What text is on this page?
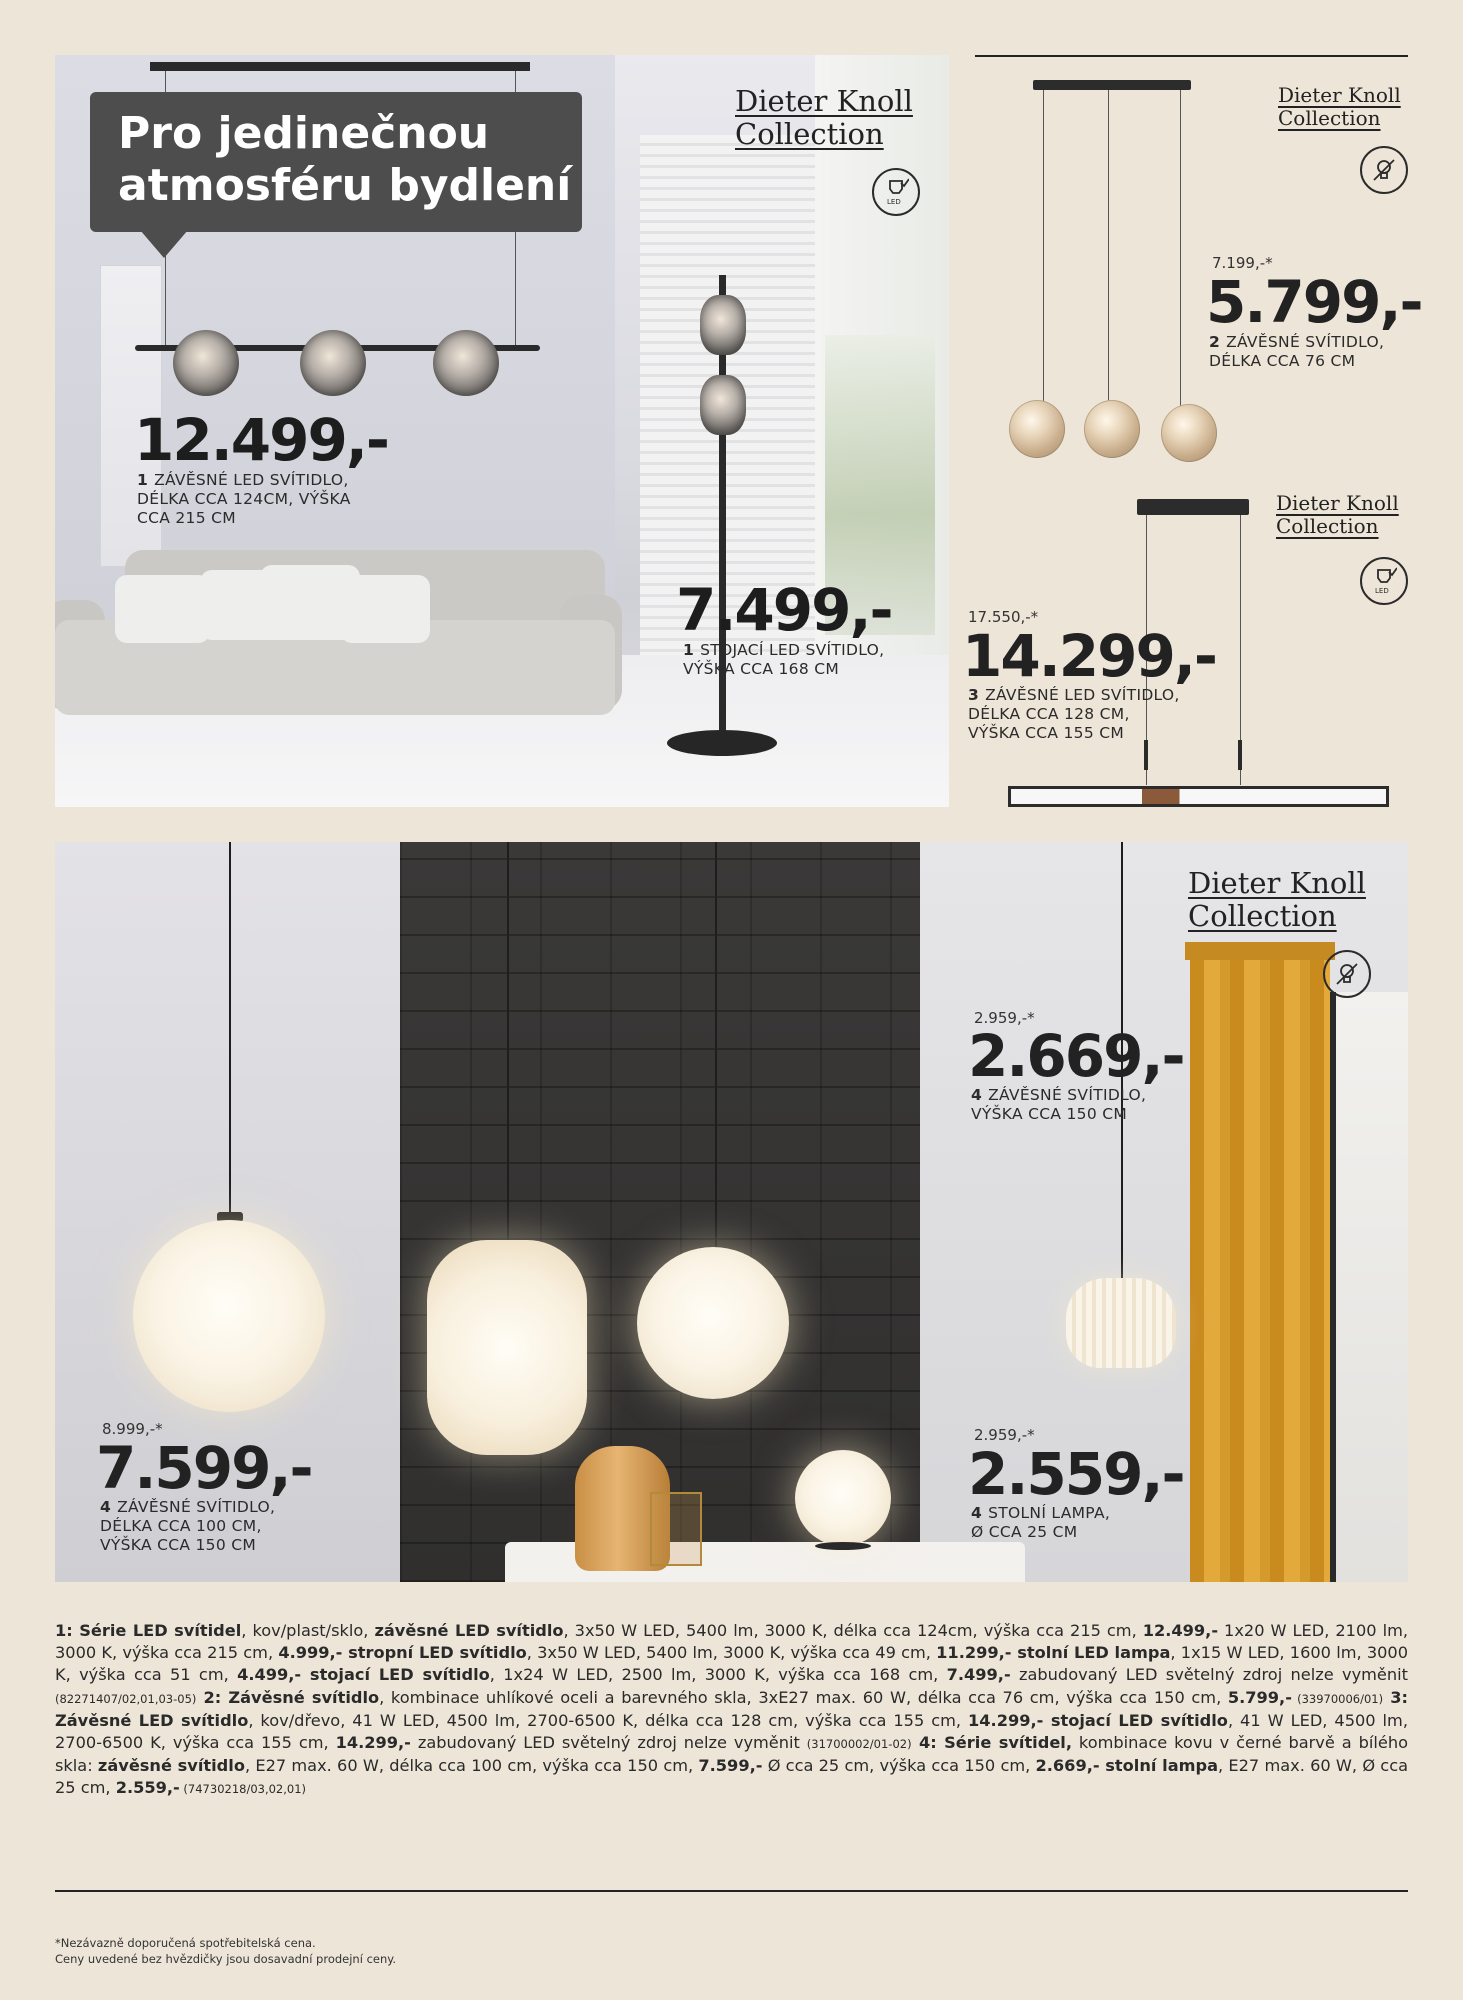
Pro jedinečnou
atmosféru bydlení
Dieter Knoll
Collection
LED
12.499,-
1 ZÁVĚSNÉ LED SVÍTIDLO,
DÉLKA CCA 124CM, VÝŠKA
CCA 215 CM
7.499,-
1 STOJACÍ LED SVÍTIDLO,
VÝŠKA CCA 168 CM
Dieter Knoll
Collection
7.199,-*
5.799,-
2 ZÁVĚSNÉ SVÍTIDLO,
DÉLKA CCA 76 CM
Dieter Knoll
Collection
LED
17.550,-*
14.299,-
3 ZÁVĚSNÉ LED SVÍTIDLO,
DÉLKA CCA 128 CM,
VÝŠKA CCA 155 CM
Dieter Knoll
Collection
2.959,-*
2.669,-
4 ZÁVĚSNÉ SVÍTIDLO,
VÝŠKA CCA 150 CM
8.999,-*
7.599,-
4 ZÁVĚSNÉ SVÍTIDLO,
DÉLKA CCA 100 CM,
VÝŠKA CCA 150 CM
2.959,-*
2.559,-
4 STOLNÍ LAMPA,
Ø CCA 25 CM
1: Série LED svítidel, kov/plast/sklo, závěsné LED svítidlo, 3x50 W LED, 5400 lm, 3000 K, délka cca 124cm, výška cca 215 cm, 12.499,- 1x20 W LED, 2100 lm, 3000 K, výška cca 215 cm, 4.999,- stropní LED svítidlo, 3x50 W LED, 5400 lm, 3000 K, výška cca 49 cm, 11.299,- stolní LED lampa, 1x15 W LED, 1600 lm, 3000 K, výška cca 51 cm, 4.499,- stojací LED svítidlo, 1x24 W LED, 2500 lm, 3000 K, výška cca 168 cm, 7.499,- zabudovaný LED světelný zdroj nelze vyměnit (82271407/02,01,03-05) 2: Závěsné svítidlo, kombinace uhlíkové oceli a barevného skla, 3xE27 max. 60 W, délka cca 76 cm, výška cca 150 cm, 5.799,- (33970006/01) 3: Závěsné LED svítidlo, kov/dřevo, 41 W LED, 4500 lm, 2700-6500 K, délka cca 128 cm, výška cca 155 cm, 14.299,- stojací LED svítidlo, 41 W LED, 4500 lm, 2700-6500 K, výška cca 155 cm, 14.299,- zabudovaný LED světelný zdroj nelze vyměnit (31700002/01-02) 4: Série svítidel, kombinace kovu v černé barvě a bílého skla: závěsné svítidlo, E27 max. 60 W, délka cca 100 cm, výška cca 150 cm, 7.599,- Ø cca 25 cm, výška cca 150 cm, 2.669,- stolní lampa, E27 max. 60 W, Ø cca 25 cm, 2.559,- (74730218/03,02,01)
*Nezávazně doporučená spotřebitelská cena.
Ceny uvedené bez hvězdičky jsou dosavadní prodejní ceny.
